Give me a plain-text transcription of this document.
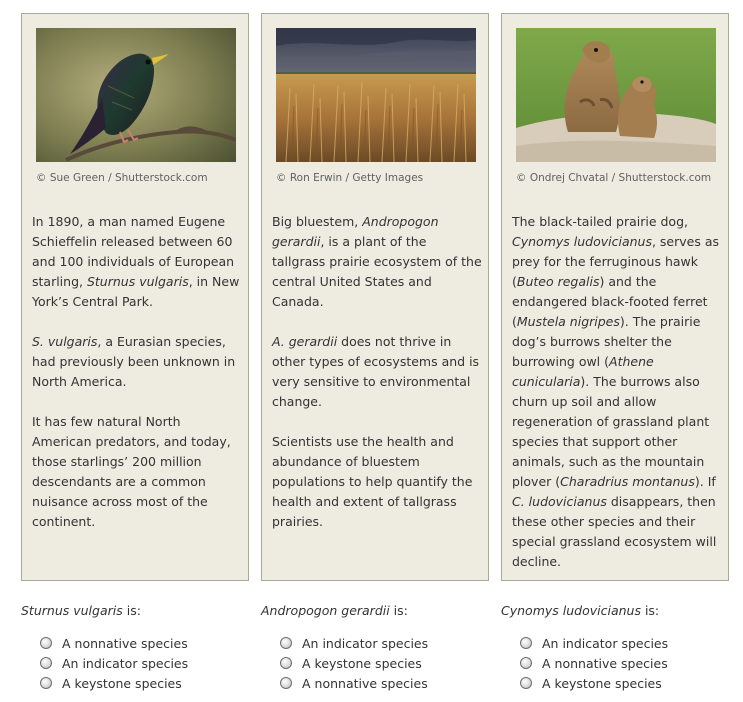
© Sue Green / Shutterstock.com

In 1890, a man named Eugene Schieffelin released between 60 and 100 individuals of European starling, Sturnus vulgaris, in New York’s Central Park.

S. vulgaris, a Eurasian species, had previously been unknown in North America.

It has few natural North American predators, and today, those starlings’ 200 million descendants are a common nuisance across most of the continent.

© Ron Erwin / Getty Images

Big bluestem, Andropogon gerardii, is a plant of the tallgrass prairie ecosystem of the central United States and Canada.

A. gerardii does not thrive in other types of ecosystems and is very sensitive to environmental change.

Scientists use the health and abundance of bluestem populations to help quantify the health and extent of tallgrass prairies.

© Ondrej Chvatal / Shutterstock.com

The black-tailed prairie dog, Cynomys ludovicianus, serves as prey for the ferruginous hawk (Buteo regalis) and the endangered black-footed ferret (Mustela nigripes). The prairie dog’s burrows shelter the burrowing owl (Athene cunicularia). The burrows also churn up soil and allow regeneration of grassland plant species that support other animals, such as the mountain plover (Charadrius montanus). If C. ludovicianus disappears, then these other species and their special grassland ecosystem will decline.

Sturnus vulgaris is:
A nonnative species
An indicator species
A keystone species
Andropogon gerardii is:
An indicator species
A keystone species
A nonnative species
Cynomys ludovicianus is:
An indicator species
A nonnative species
A keystone species
